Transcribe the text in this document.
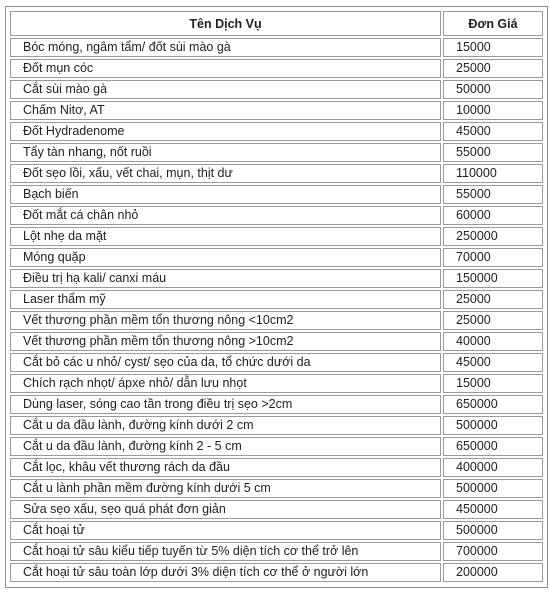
Tên Dịch Vụ	Đơn Giá
Bóc móng, ngâm tẩm/ đốt sùi mào gà	15000
Đốt mụn cóc	25000
Cắt sùi mào gà	50000
Chấm Nitơ, AT	10000
Đốt Hydradenome	45000
Tẩy tàn nhang, nốt ruồi	55000
Đốt sẹo lồi, xấu, vết chai, mụn, thịt dư	110000
Bạch biến	55000
Đốt mắt cá chân nhỏ	60000
Lột nhẹ da mặt	250000
Móng quặp	70000
Điều trị hạ kali/ canxi máu	150000
Laser thẩm mỹ	25000
Vết thương phần mềm tổn thương nông <10cm2	25000
Vết thương phần mềm tổn thương nông >10cm2	40000
Cắt bỏ các u nhỏ/ cyst/ sẹo của da, tổ chức dưới da	45000
Chích rạch nhọt/ ápxe nhỏ/ dẫn lưu nhọt	15000
Dùng laser, sóng cao tần trong điều trị sẹo >2cm	650000
Cắt u da đầu lành, đường kính dưới 2 cm	500000
Cắt u da đầu lành, đường kính 2 - 5 cm	650000
Cắt lọc, khâu vết thương rách da đầu	400000
Cắt u lành phần mềm đường kính dưới 5 cm	500000
Sửa sẹo xấu, sẹo quá phát đơn giản	450000
Cắt hoại tử	500000
Cắt hoại tử sâu kiểu tiếp tuyến từ 5% diện tích cơ thể trở lên	700000
Cắt hoại tử sâu toàn lớp dưới 3% diện tích cơ thể ở người lớn	200000
